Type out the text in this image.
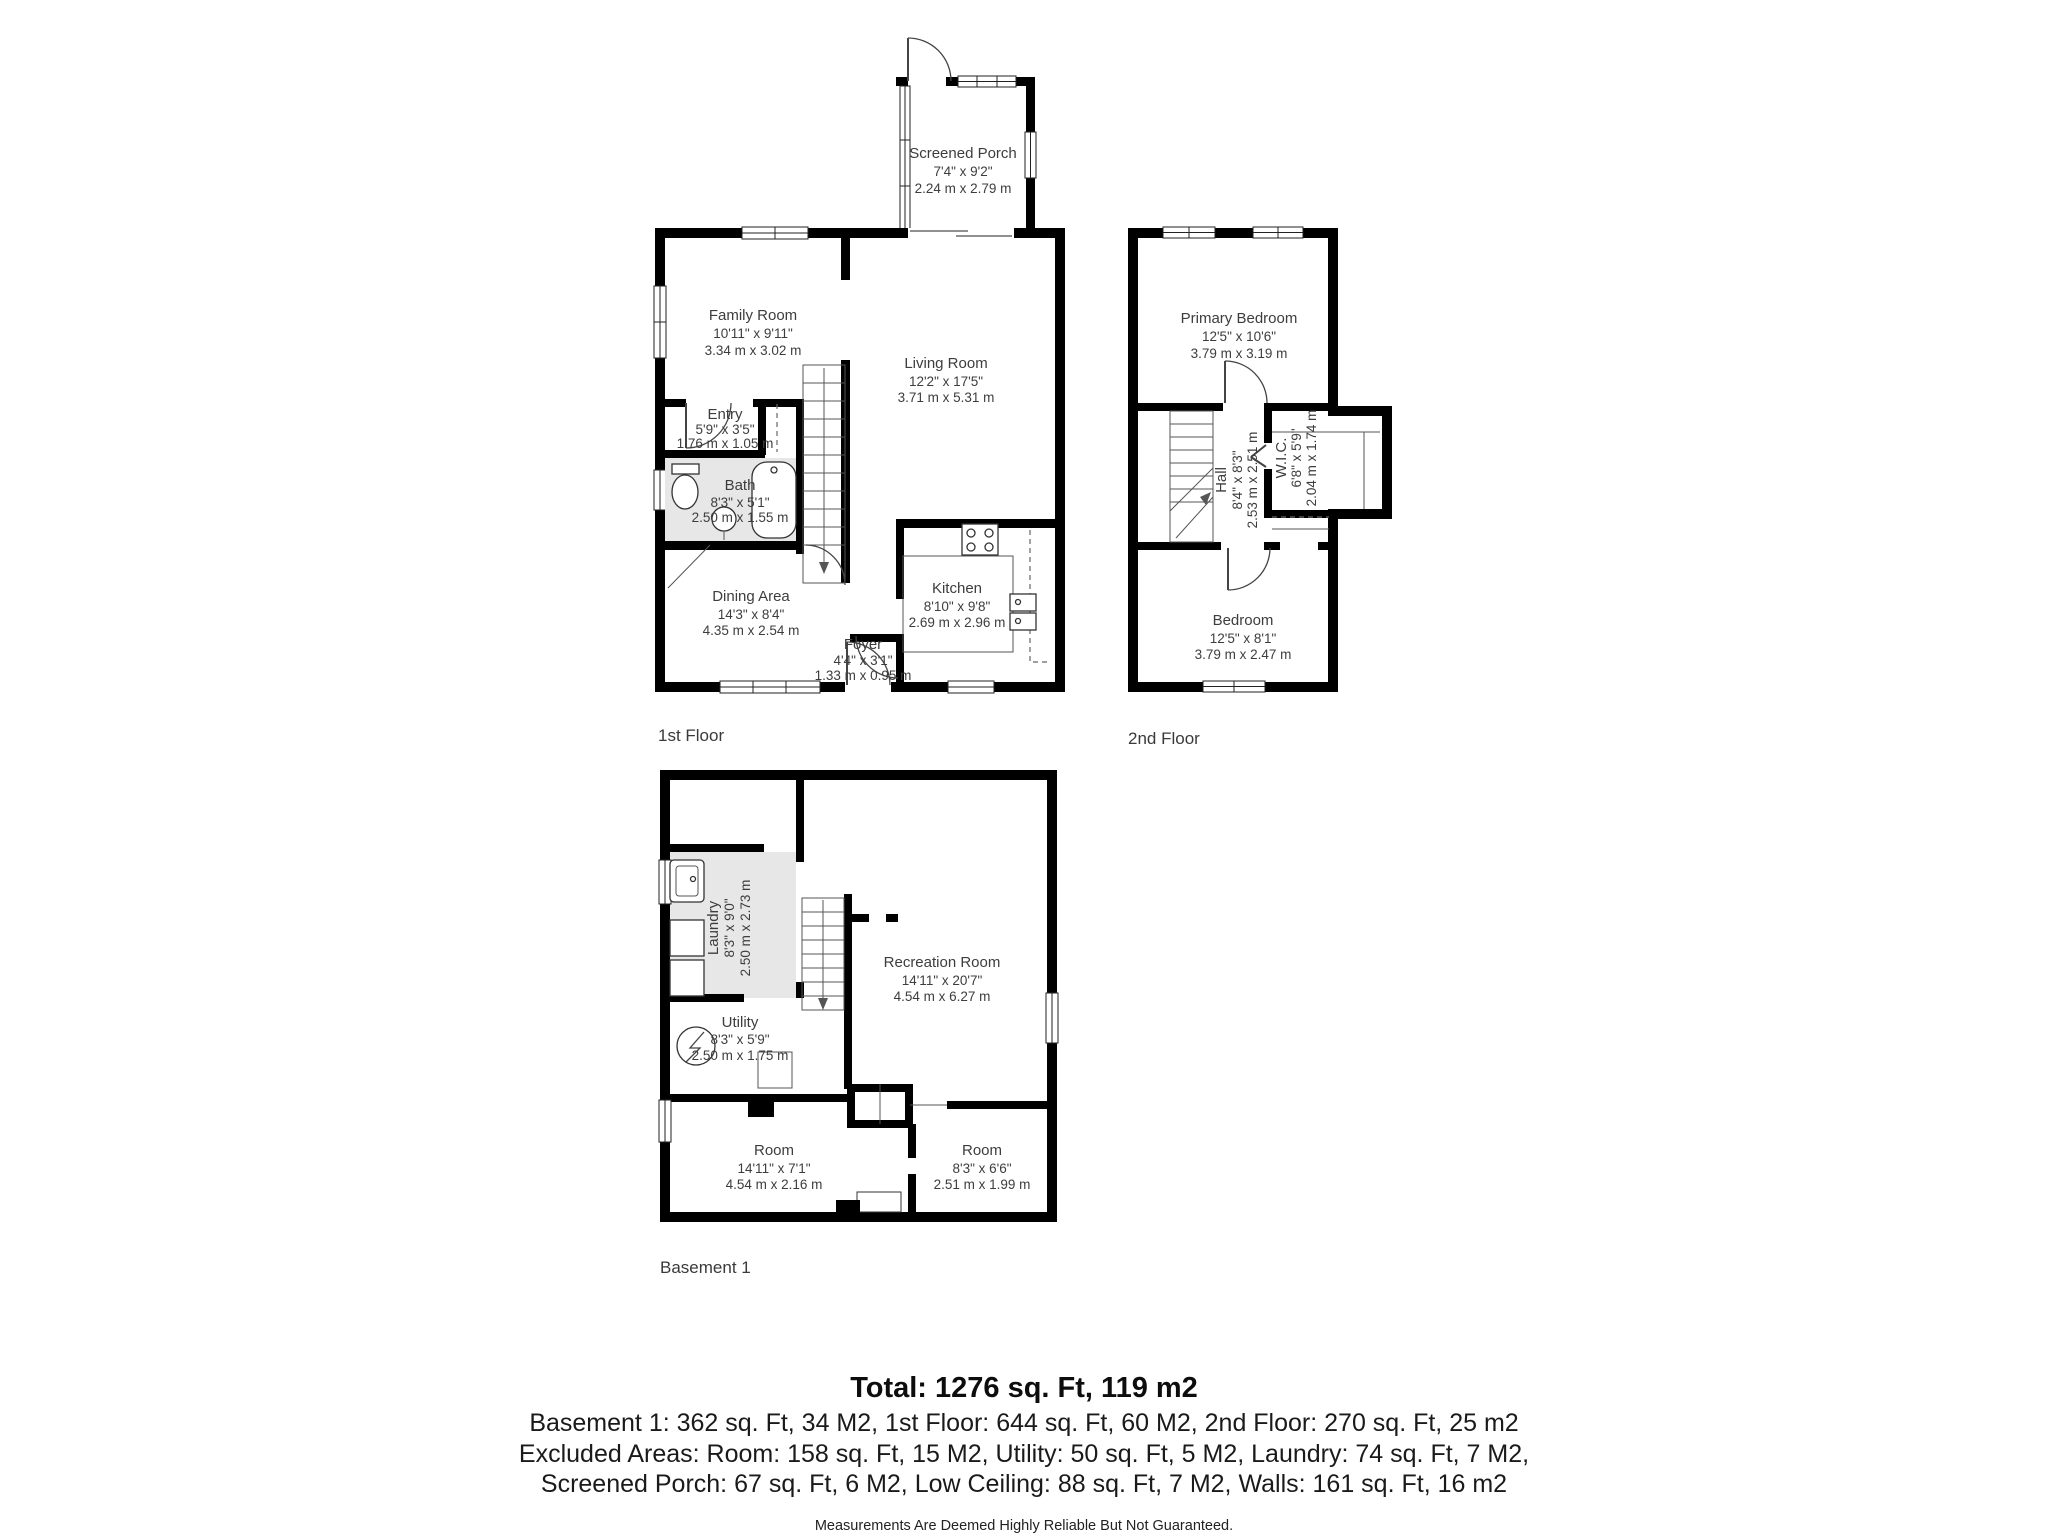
Screened Porch
7'4" x 9'2"
2.24 m x 2.79 m
Bath
8'3" x 5'1"
2.50 m x 1.55 m
Family Room
10'11" x 9'11"
3.34 m x 3.02 m
Living Room
12'2" x 17'5"
3.71 m x 5.31 m
Entry
5'9" x 3'5"
1.76 m x 1.05 m
Dining Area
14'3" x 8'4"
4.35 m x 2.54 m
Kitchen
8'10" x 9'8"
2.69 m x 2.96 m
Foyer
4'4" x 3'1"
1.33 m x 0.95 m
Primary Bedroom
12'5" x 10'6"
3.79 m x 3.19 m
Hall 8'4" x 8'3" 2.53 m x 2.51 m W.I.C. 6'8" x 5'9" 2.04 m x 1.74 m
Bedroom
12'5" x 8'1"
3.79 m x 2.47 m
Laundry 8'3" x 9'0" 2.50 m x 2.73 m
Utility
8'3" x 5'9"
2.50 m x 1.75 m
Recreation Room
14'11" x 20'7"
4.54 m x 6.27 m
Room
14'11" x 7'1"
4.54 m x 2.16 m
Room
8'3" x 6'6"
2.51 m x 1.99 m
1st Floor	2nd Floor
Basement 1
Total: 1276 sq. Ft, 119 m2
Basement 1: 362 sq. Ft, 34 M2, 1st Floor: 644 sq. Ft, 60 M2, 2nd Floor: 270 sq. Ft, 25 m2
Excluded Areas: Room: 158 sq. Ft, 15 M2, Utility: 50 sq. Ft, 5 M2, Laundry: 74 sq. Ft, 7 M2,
Screened Porch: 67 sq. Ft, 6 M2, Low Ceiling: 88 sq. Ft, 7 M2, Walls: 161 sq. Ft, 16 m2
Measurements Are Deemed Highly Reliable But Not Guaranteed.
